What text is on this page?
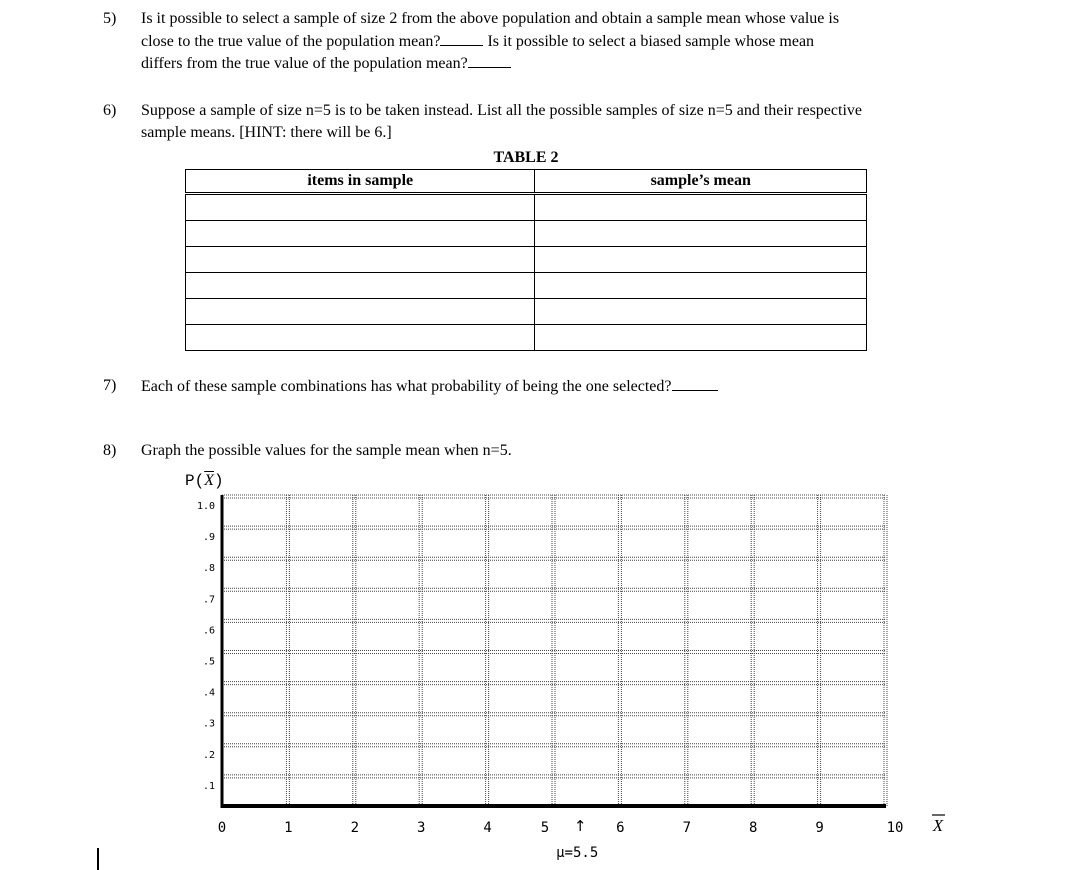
5) Is it possible to select a sample of size 2 from the above population and obtain a sample mean whose value is
close to the true value of the population mean?	Is it possible to select a biased sample whose mean
differs from the true value of the population mean?
6) Suppose a sample of size n=5 is to be taken instead. List all the possible samples of size n=5 and their respective
sample means. [HINT: there will be 6.]
TABLE 2
items in sample	sample’s mean

7) Each of these sample combinations has what probability of being the one selected?
8) Graph the possible values for the sample mean when n=5.
$P(\overline{X})$
1.0
.9
.8
.7
.6
.5
.4
.3
.2
.1
0	1	2	3	4	5	6	7	8	9	10
↑
μ=5.5
X
